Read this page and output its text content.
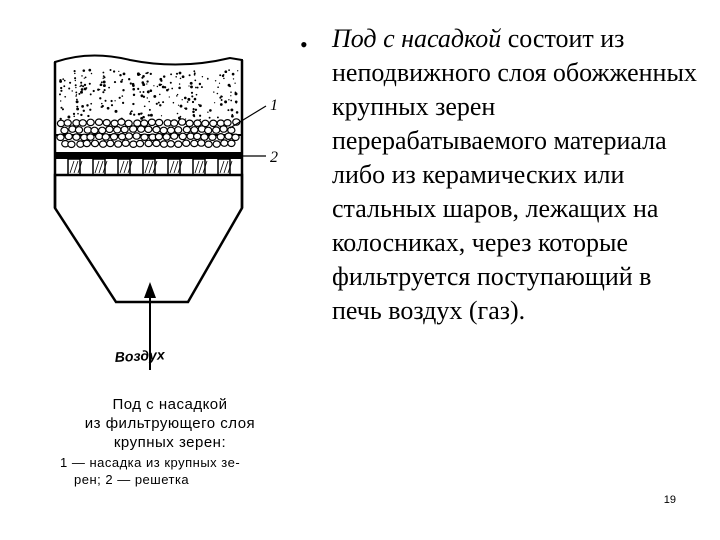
1
2
Воздух
Под с насадкой
из фильтрующего слоя
крупных зерен:
1 — насадка из крупных зе-
рен; 2 — решетка
• Под с насадкой состоит из неподвижного слоя обожженных крупных зерен перерабатываемого материала либо из керамических или стальных шаров, лежащих на колосниках, через которые фильтруется поступающий в печь воздух (газ).
19
